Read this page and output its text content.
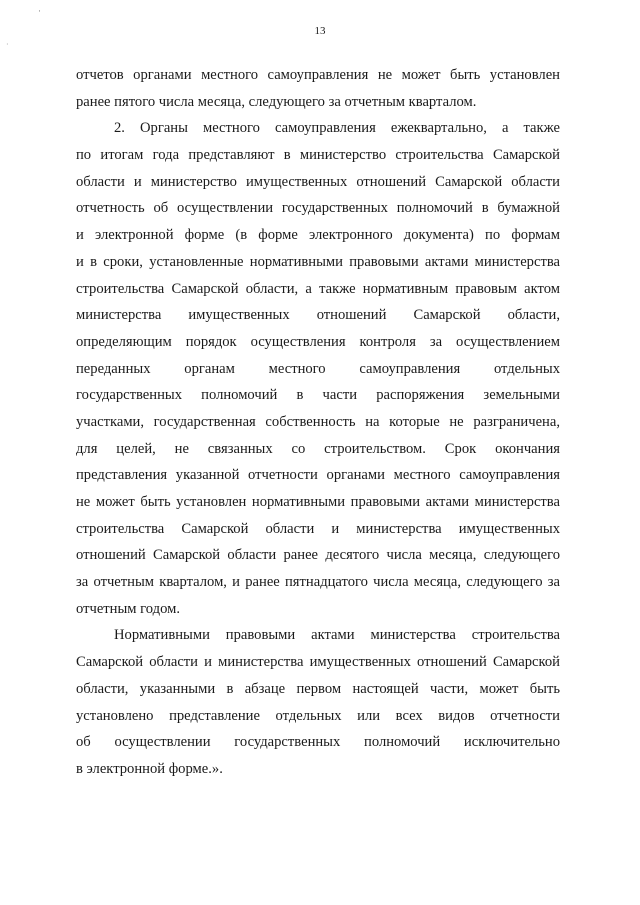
·
·
13
отчетов органами местного самоуправления не может быть установлен
ранее пятого числа месяца, следующего за отчетным кварталом.
2. Органы местного самоуправления ежеквартально, а также
по итогам года представляют в министерство строительства Самарской
области и министерство имущественных отношений Самарской области
отчетность об осуществлении государственных полномочий в бумажной
и электронной форме (в форме электронного документа) по формам
и в сроки, установленные нормативными правовыми актами министерства
строительства Самарской области, а также нормативным правовым актом
министерства имущественных отношений Самарской области,
определяющим порядок осуществления контроля за осуществлением
переданных органам местного самоуправления отдельных
государственных полномочий в части распоряжения земельными
участками, государственная собственность на которые не разграничена,
для целей, не связанных со строительством. Срок окончания
представления указанной отчетности органами местного самоуправления
не может быть установлен нормативными правовыми актами министерства
строительства Самарской области и министерства имущественных
отношений Самарской области ранее десятого числа месяца, следующего
за отчетным кварталом, и ранее пятнадцатого числа месяца, следующего за
отчетным годом.
Нормативными правовыми актами министерства строительства
Самарской области и министерства имущественных отношений Самарской
области, указанными в абзаце первом настоящей части, может быть
установлено представление отдельных или всех видов отчетности
об осуществлении государственных полномочий исключительно
в электронной форме.».
